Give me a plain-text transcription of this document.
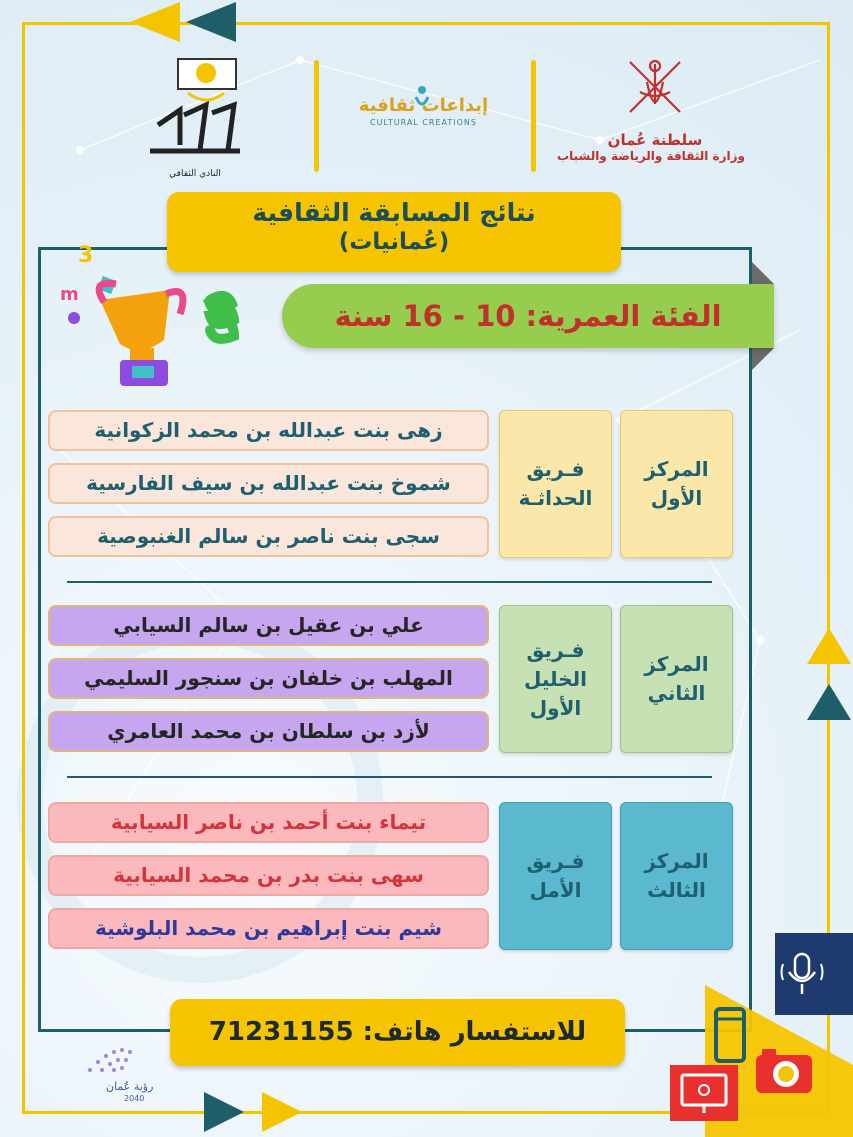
سلطنة عُمان
وزارة الثقافة والرياضة والشباب
إبداعات ثقافية
CULTURAL CREATIONS
النادي الثقافي
نتائج المسابقة الثقافية
(عُمانيات)
3
m
الفئة العمرية: 10 - 16 سنة
زهى بنت عبدالله بن محمد الزكوانية
شموخ بنت عبدالله بن سيف الفارسية
سجى بنت ناصر بن سالم الغنبوصية
فـريق
الحداثـة
المركز
الأول
علي بن عقيل بن سالم السيابي
المهلب بن خلفان بن سنجور السليمي
لأزد بن سلطان بن محمد العامري
فـريق
الخليل
الأول
المركز
الثاني
تيماء بنت أحمد بن ناصر السيابية
سهى بنت بدر بن محمد السيابية
شيم بنت إبراهيم بن محمد البلوشية
فـريق
الأمل
المركز
الثالث
للاستفسار هاتف: 71231155
رؤية عُمان
2040
